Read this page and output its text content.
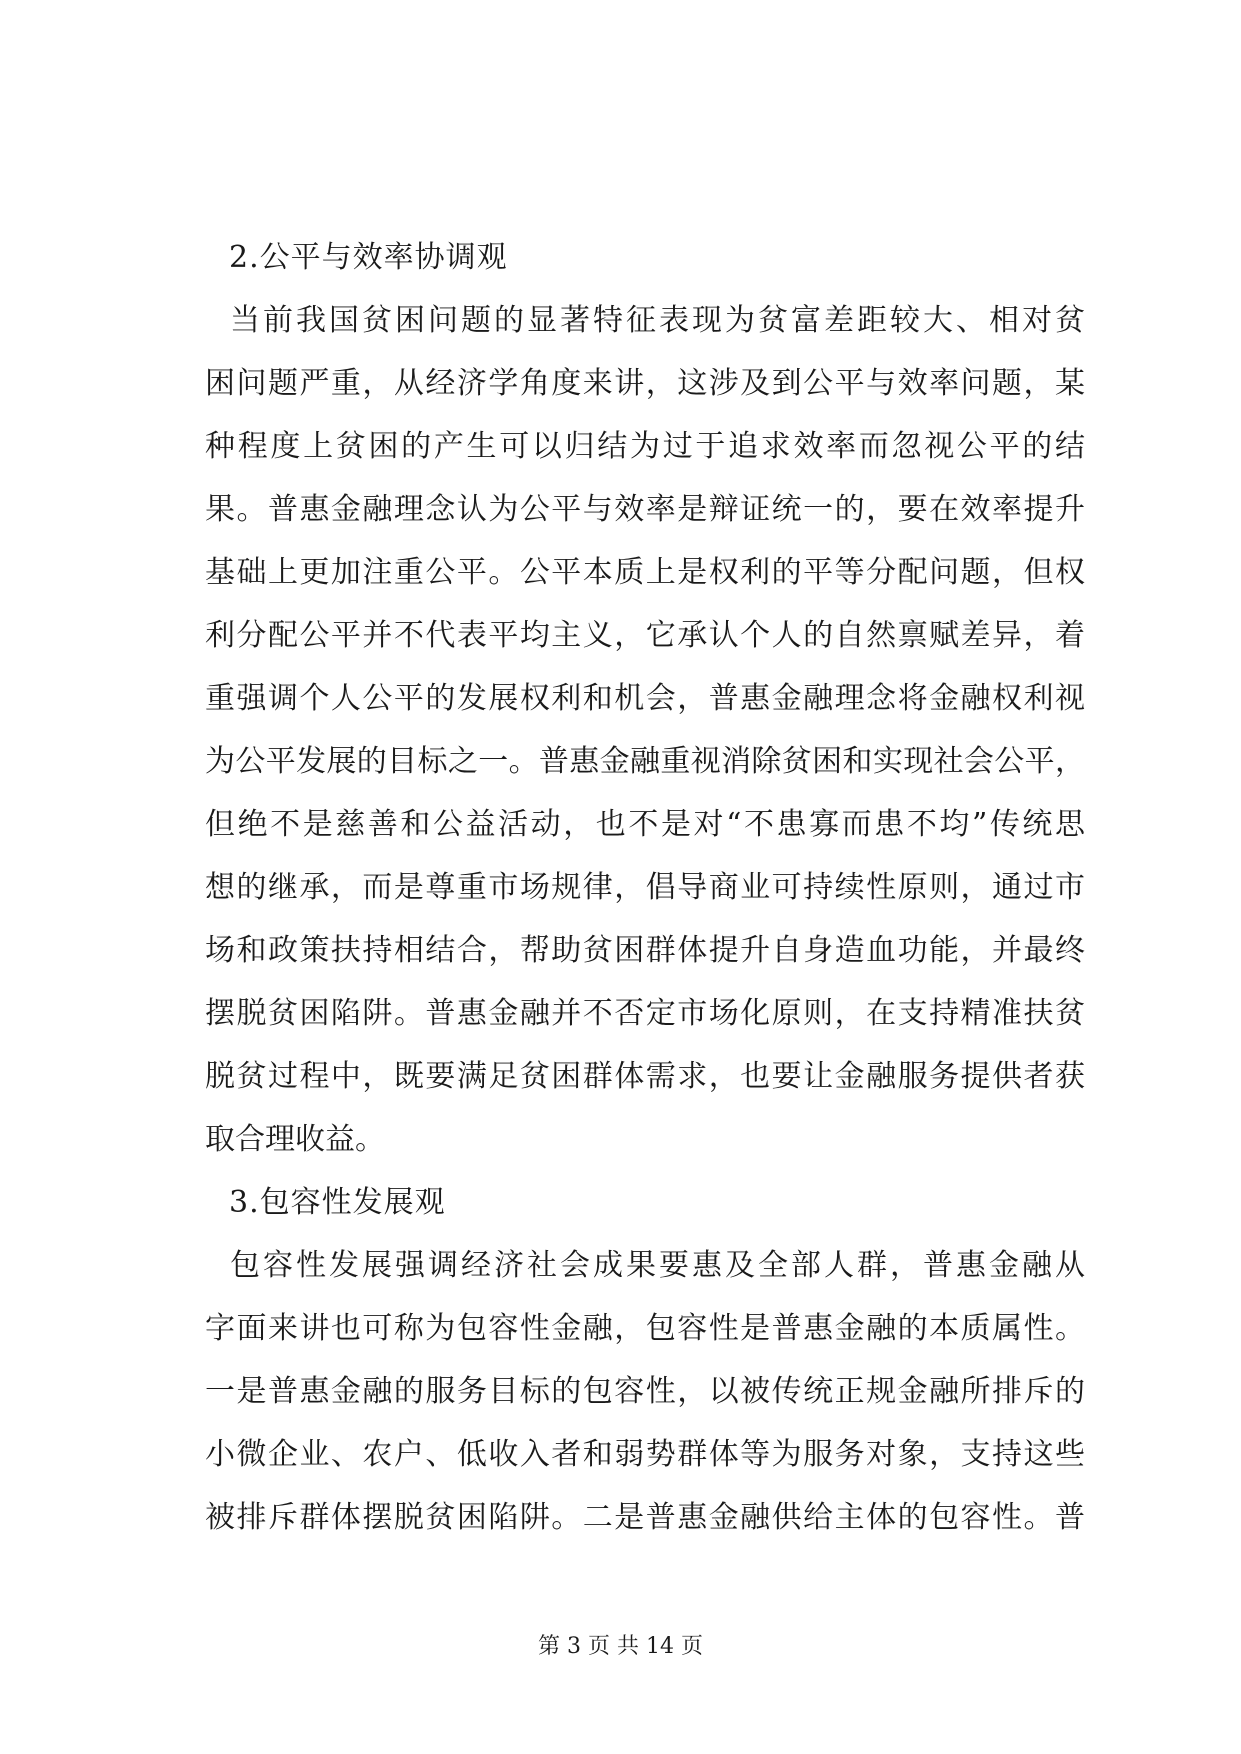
2.公平与效率协调观
当前我国贫困问题的显著特征表现为贫富差距较大、相对贫
困问题严重，从经济学角度来讲，这涉及到公平与效率问题，某
种程度上贫困的产生可以归结为过于追求效率而忽视公平的结
果。普惠金融理念认为公平与效率是辩证统一的，要在效率提升
基础上更加注重公平。公平本质上是权利的平等分配问题，但权
利分配公平并不代表平均主义，它承认个人的自然禀赋差异，着
重强调个人公平的发展权利和机会，普惠金融理念将金融权利视
为公平发展的目标之一。普惠金融重视消除贫困和实现社会公平，
但绝不是慈善和公益活动，也不是对“不患寡而患不均”传统思
想的继承，而是尊重市场规律，倡导商业可持续性原则，通过市
场和政策扶持相结合，帮助贫困群体提升自身造血功能，并最终
摆脱贫困陷阱。普惠金融并不否定市场化原则，在支持精准扶贫
脱贫过程中，既要满足贫困群体需求，也要让金融服务提供者获
取合理收益。
3.包容性发展观
包容性发展强调经济社会成果要惠及全部人群，普惠金融从
字面来讲也可称为包容性金融，包容性是普惠金融的本质属性。
一是普惠金融的服务目标的包容性，以被传统正规金融所排斥的
小微企业、农户、低收入者和弱势群体等为服务对象，支持这些
被排斥群体摆脱贫困陷阱。二是普惠金融供给主体的包容性。普
第 3 页 共 14 页
